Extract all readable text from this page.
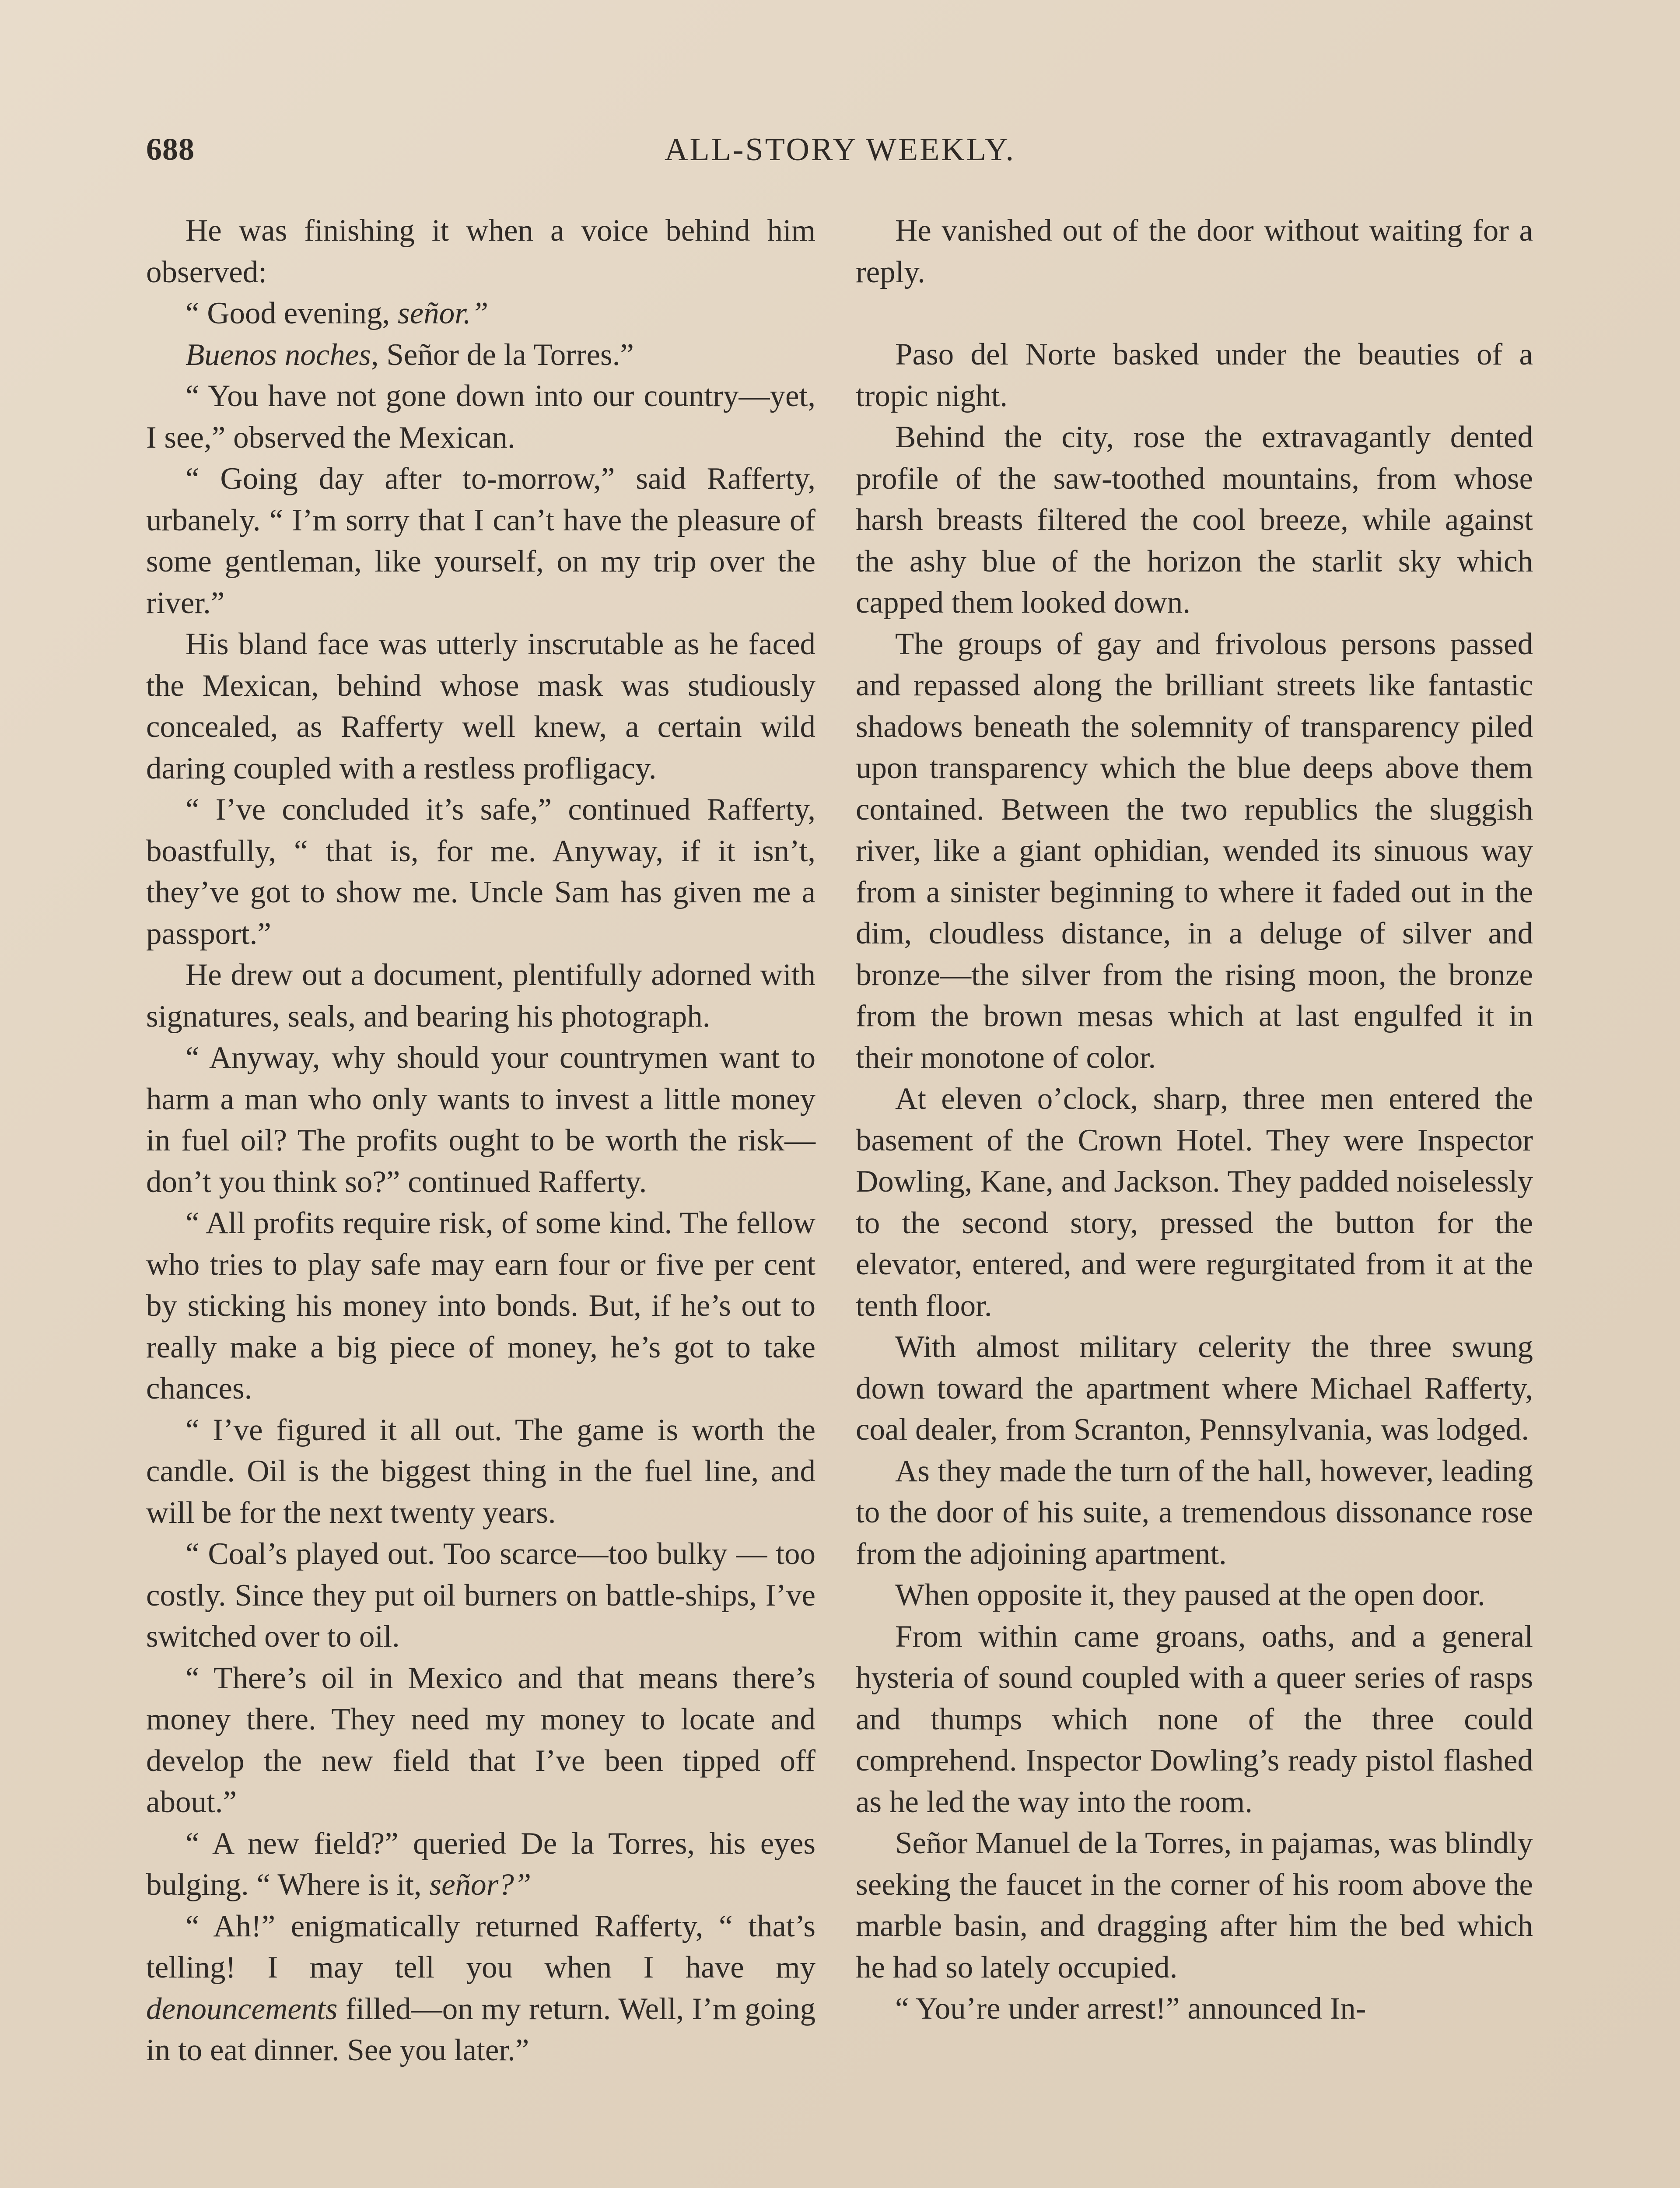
688	ALL-STORY WEEKLY.

He was finishing it when a voice behind him observed:

“ Good evening, señor.”

Buenos noches, Señor de la Torres.”

“ You have not gone down into our country—yet, I see,” observed the Mexican.

“ Going day after to-morrow,” said Rafferty, urbanely. “ I’m sorry that I can’t have the pleasure of some gentleman, like yourself, on my trip over the river.”

His bland face was utterly inscrutable as he faced the Mexican, behind whose mask was studiously concealed, as Rafferty well knew, a certain wild daring coupled with a restless profligacy.

“ I’ve concluded it’s safe,” continued Rafferty, boastfully, “ that is, for me. Anyway, if it isn’t, they’ve got to show me. Uncle Sam has given me a passport.”

He drew out a document, plentifully adorned with signatures, seals, and bearing his photograph.

“ Anyway, why should your countrymen want to harm a man who only wants to invest a little money in fuel oil? The profits ought to be worth the risk—don’t you think so?” continued Rafferty.

“ All profits require risk, of some kind. The fellow who tries to play safe may earn four or five per cent by sticking his money into bonds. But, if he’s out to really make a big piece of money, he’s got to take chances.

“ I’ve figured it all out. The game is worth the candle. Oil is the biggest thing in the fuel line, and will be for the next twenty years.

“ Coal’s played out. Too scarce—too bulky — too costly. Since they put oil burners on battle-ships, I’ve switched over to oil.

“ There’s oil in Mexico and that means there’s money there. They need my money to locate and develop the new field that I’ve been tipped off about.”

“ A new field?” queried De la Torres, his eyes bulging. “ Where is it, señor?”

“ Ah!” enigmatically returned Rafferty, “ that’s telling! I may tell you when I have my denouncements filled—on my return. Well, I’m going in to eat dinner. See you later.”

He vanished out of the door without waiting for a reply.

Paso del Norte basked under the beauties of a tropic night.

Behind the city, rose the extravagantly dented profile of the saw-toothed mountains, from whose harsh breasts filtered the cool breeze, while against the ashy blue of the horizon the starlit sky which capped them looked down.

The groups of gay and frivolous persons passed and repassed along the brilliant streets like fantastic shadows beneath the solemnity of transparency piled upon transparency which the blue deeps above them contained. Between the two republics the sluggish river, like a giant ophidian, wended its sinuous way from a sinister beginning to where it faded out in the dim, cloudless distance, in a deluge of silver and bronze—the silver from the rising moon, the bronze from the brown mesas which at last engulfed it in their monotone of color.

At eleven o’clock, sharp, three men entered the basement of the Crown Hotel. They were Inspector Dowling, Kane, and Jackson. They padded noiselessly to the second story, pressed the button for the elevator, entered, and were regurgitated from it at the tenth floor.

With almost military celerity the three swung down toward the apartment where Michael Rafferty, coal dealer, from Scranton, Pennsylvania, was lodged.

As they made the turn of the hall, however, leading to the door of his suite, a tremendous dissonance rose from the adjoining apartment.

When opposite it, they paused at the open door.

From within came groans, oaths, and a general hysteria of sound coupled with a queer series of rasps and thumps which none of the three could comprehend. Inspector Dowling’s ready pistol flashed as he led the way into the room.

Señor Manuel de la Torres, in pajamas, was blindly seeking the faucet in the corner of his room above the marble basin, and dragging after him the bed which he had so lately occupied.

“ You’re under arrest!” announced In-
